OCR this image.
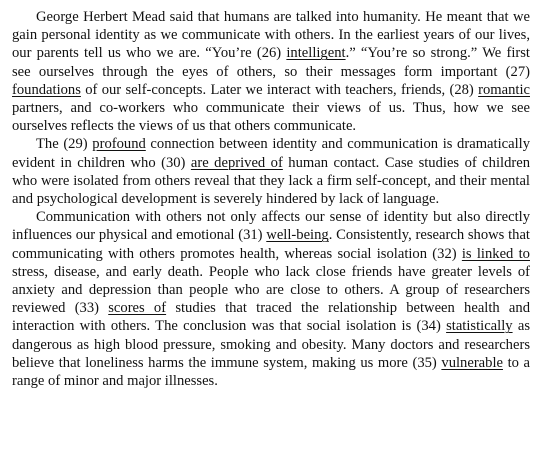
George Herbert Mead said that humans are talked into humanity. He meant that we gain personal identity as we communicate with others. In the earliest years of our lives, our parents tell us who we are. “You’re (26) intelligent.” “You’re so strong.” We first see ourselves through the eyes of others, so their messages form important (27) foundations of our self-concepts. Later we interact with teachers, friends, (28) romantic partners, and co-workers who communicate their views of us. Thus, how we see ourselves reflects the views of us that others communicate.

The (29) profound connection between identity and communication is dramatically evident in children who (30) are deprived of human contact. Case studies of children who were isolated from others reveal that they lack a firm self-concept, and their mental and psychological development is severely hindered by lack of language.

Communication with others not only affects our sense of identity but also directly influences our physical and emotional (31) well-being. Consistently, research shows that communicating with others promotes health, whereas social isolation (32) is linked to stress, disease, and early death. People who lack close friends have greater levels of anxiety and depression than people who are close to others. A group of researchers reviewed (33) scores of studies that traced the relationship between health and interaction with others. The conclusion was that social isolation is (34) statistically as dangerous as high blood pressure, smoking and obesity. Many doctors and researchers believe that loneliness harms the immune system, making us more (35) vulnerable to a range of minor and major illnesses.
